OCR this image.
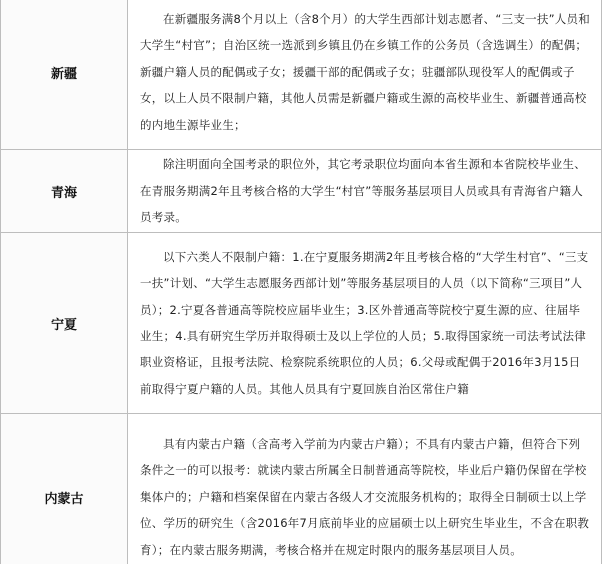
新疆	在新疆服务满8个月以上（含8个月）的大学生西部计划志愿者、“三支一扶”人员和大学生“村官”；自治区统一选派到乡镇且仍在乡镇工作的公务员（含选调生）的配偶；新疆户籍人员的配偶或子女；援疆干部的配偶或子女；驻疆部队现役军人的配偶或子女，以上人员不限制户籍，其他人员需是新疆户籍或生源的高校毕业生、新疆普通高校的内地生源毕业生；
青海	除注明面向全国考录的职位外，其它考录职位均面向本省生源和本省院校毕业生、在青服务期满2年且考核合格的大学生“村官”等服务基层项目人员或具有青海省户籍人员考录。
宁夏	以下六类人不限制户籍：1.在宁夏服务期满2年且考核合格的“大学生村官”、“三支一扶”计划、“大学生志愿服务西部计划”等服务基层项目的人员（以下简称“三项目”人员）；2.宁夏各普通高等院校应届毕业生；3.区外普通高等院校宁夏生源的应、往届毕业生；4.具有研究生学历并取得硕士及以上学位的人员；5.取得国家统一司法考试法律职业资格证，且报考法院、检察院系统职位的人员；6.父母或配偶于2016年3月15日前取得宁夏户籍的人员。其他人员具有宁夏回族自治区常住户籍
内蒙古	具有内蒙古户籍（含高考入学前为内蒙古户籍）；不具有内蒙古户籍，但符合下列条件之一的可以报考：就读内蒙古所属全日制普通高等院校，毕业后户籍仍保留在学校集体户的；户籍和档案保留在内蒙古各级人才交流服务机构的；取得全日制硕士以上学位、学历的研究生（含2016年7月底前毕业的应届硕士以上研究生毕业生，不含在职教育）；在内蒙古服务期满，考核合格并在规定时限内的服务基层项目人员。
